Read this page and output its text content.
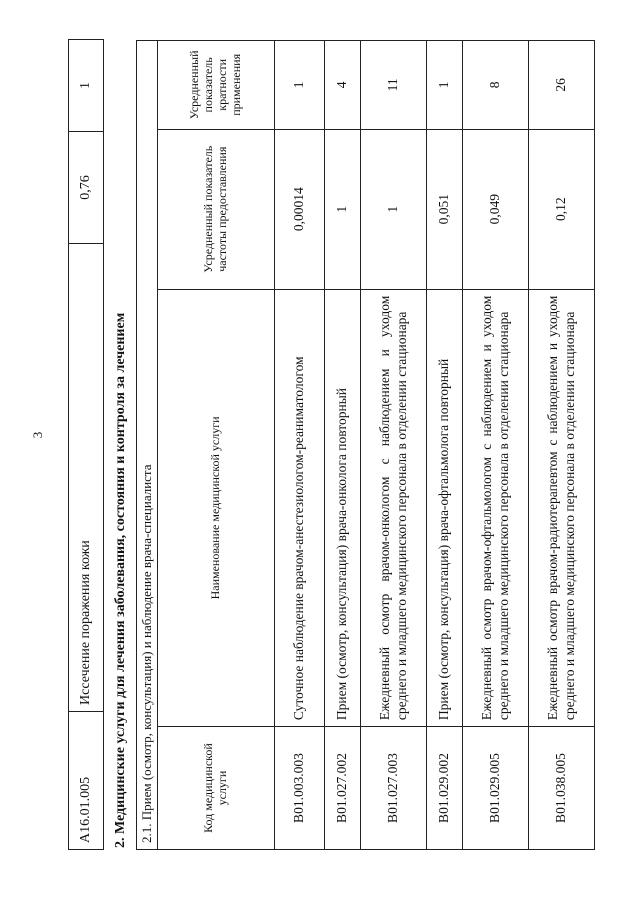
3
A16.01.005	Иссечение поражения кожи	0,76	1
2. Медицинские услуги для лечения заболевания, состояния и контроля за лечением 2.1. Прием (осмотр, консультация) и наблюдение врача-специалиста			
Код медицинской услуги	Наименование медицинской услуги	Усредненный показатель частоты предоставления	Усредненный показатель кратности применения
B01.003.003	Суточное наблюдение врачом-анестезиологом-реаниматологом	0,00014	1
B01.027.002	Прием (осмотр, консультация) врача-онколога повторный	1	4
B01.027.003	Ежедневный осмотр врачом-онкологом с наблюдением и уходом среднего и младшего медицинского персонала в отделении стационара	1	11
B01.029.002	Прием (осмотр, консультация) врача-офтальмолога повторный	0,051	1
B01.029.005	Ежедневный осмотр врачом-офтальмологом с наблюдением и уходом среднего и младшего медицинского персонала в отделении стационара	0,049	8
B01.038.005	Ежедневный осмотр врачом-радиотерапевтом с наблюдением и уходом среднего и младшего медицинского персонала в отделении стационара	0,12	26
